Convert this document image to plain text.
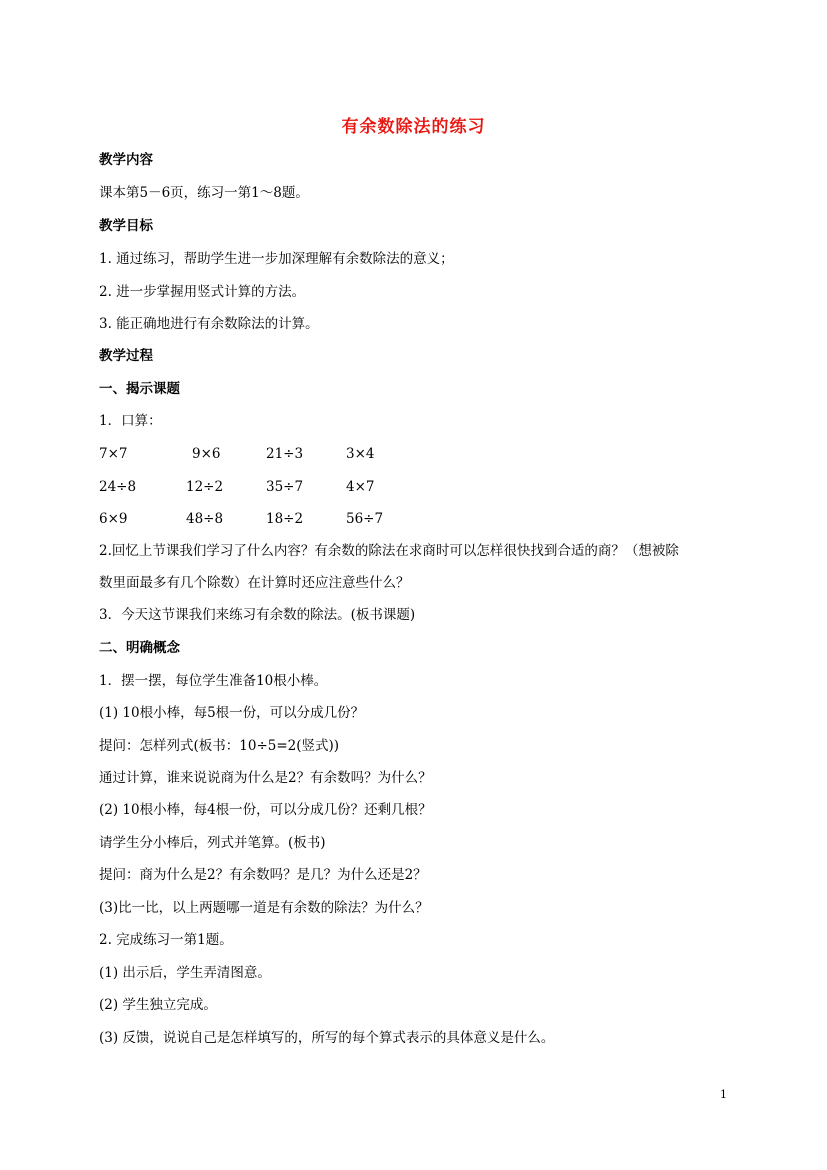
有余数除法的练习
教学内容
课本第5－6页，练习一第1～8题。
教学目标
1. 通过练习，帮助学生进一步加深理解有余数除法的意义；
2. 进一步掌握用竖式计算的方法。
3. 能正确地进行有余数除法的计算。
教学过程
一、揭示课题
1．口算：
7×7	9×6	21÷3	3×4
24÷8	12÷2	35÷7	4×7
6×9	48÷8	18÷2	56÷7
2.回忆上节课我们学习了什么内容？有余数的除法在求商时可以怎样很快找到合适的商？（想被除
数里面最多有几个除数）在计算时还应注意些什么？
3．今天这节课我们来练习有余数的除法。(板书课题)
二、明确概念
1．摆一摆，每位学生准备10根小棒。
(1) 10根小棒，每5根一份，可以分成几份？
提问：怎样列式(板书：10÷5=2(竖式))
通过计算，谁来说说商为什么是2？有余数吗？为什么？
(2) 10根小棒，每4根一份，可以分成几份？还剩几根？
请学生分小棒后，列式并笔算。(板书)
提问：商为什么是2？有余数吗？是几？为什么还是2？
(3)比一比，以上两题哪一道是有余数的除法？为什么？
2. 完成练习一第1题。
(1) 出示后，学生弄清图意。
(2) 学生独立完成。
(3) 反馈，说说自己是怎样填写的，所写的每个算式表示的具体意义是什么。
1
